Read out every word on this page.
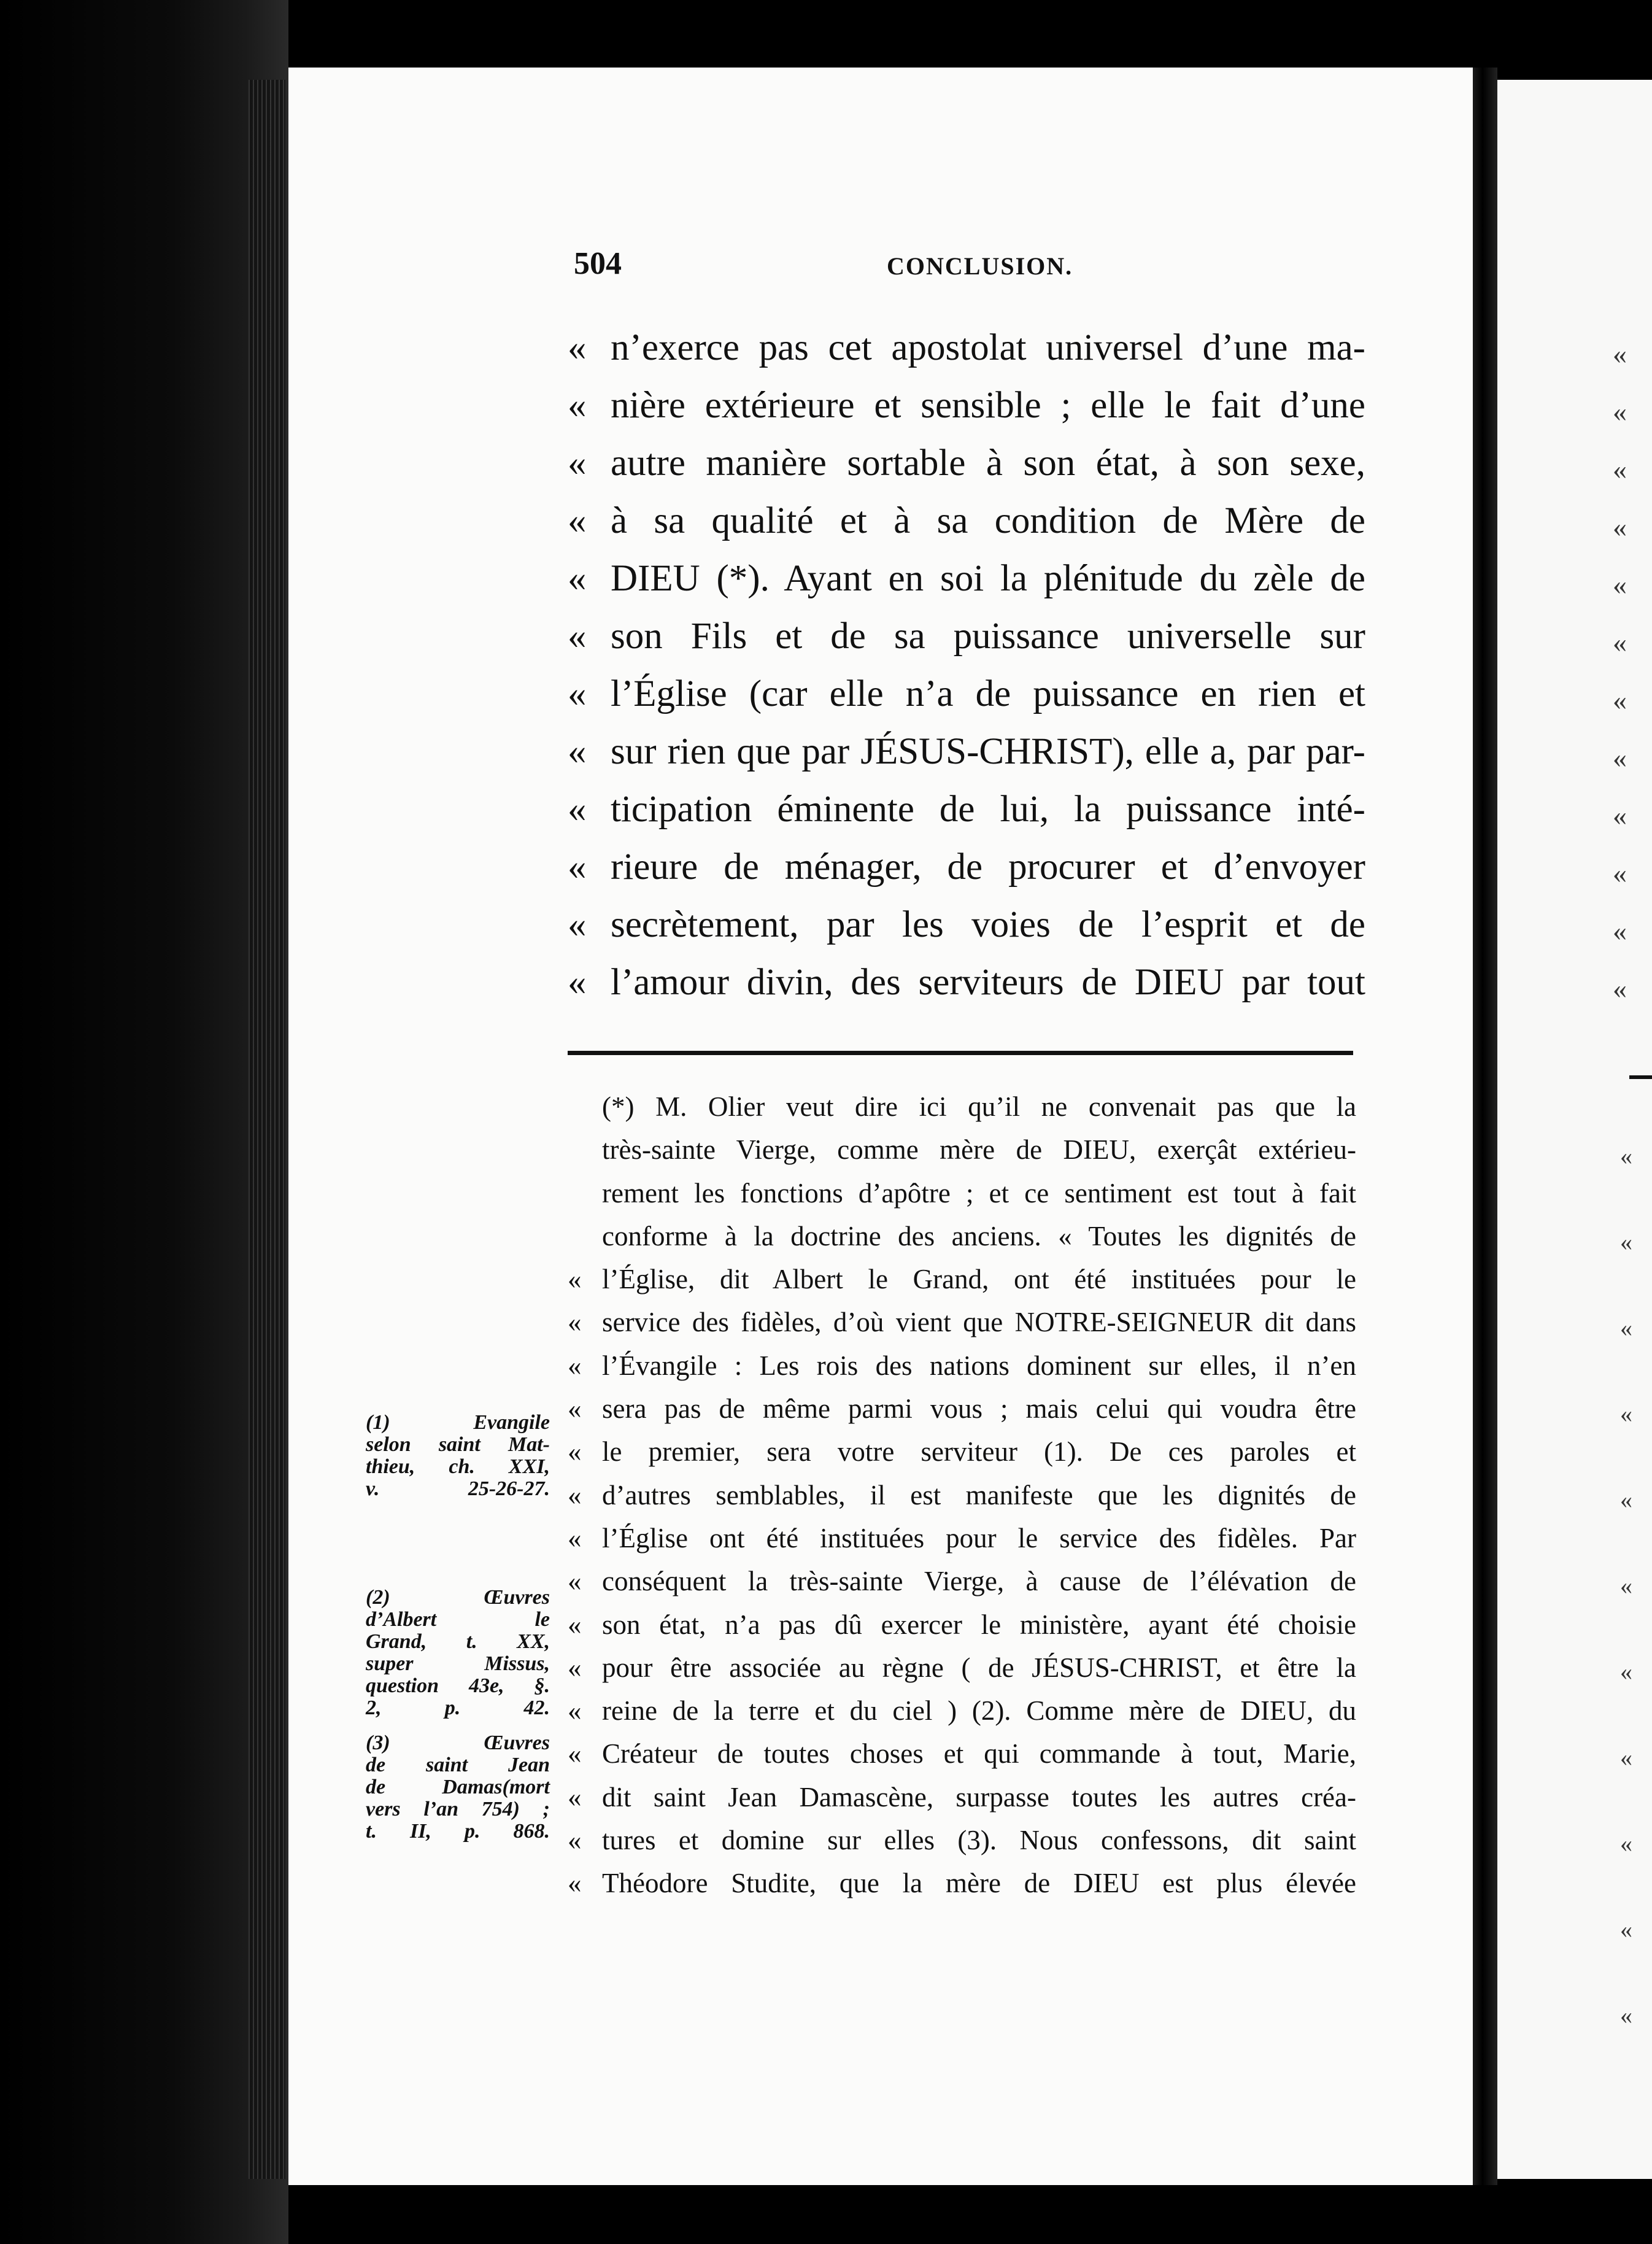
«
«
«
«
«
«
«
«
«
«
«
«
«
«
«
«
«
«
«
«
«
«
«
504	CONCLUSION.
« n’exerce pas cet apostolat universel d’une ma-
« nière extérieure et sensible ; elle le fait d’une
« autre manière sortable à son état, à son sexe,
« à sa qualité et à sa condition de Mère de
« DIEU (*). Ayant en soi la plénitude du zèle de
« son Fils et de sa puissance universelle sur
« l’Église (car elle n’a de puissance en rien et
« sur rien que par JÉSUS-CHRIST), elle a, par par-
« ticipation éminente de lui, la puissance inté-
« rieure de ménager, de procurer et d’envoyer
« secrètement, par les voies de l’esprit et de
« l’amour divin, des serviteurs de DIEU par tout
(*) M. Olier veut dire ici qu’il ne convenait pas que la
très-sainte Vierge, comme mère de DIEU, exerçât extérieu-
rement les fonctions d’apôtre ; et ce sentiment est tout à fait
conforme à la doctrine des anciens. « Toutes les dignités de
« l’Église, dit Albert le Grand, ont été instituées pour le
« service des fidèles, d’où vient que NOTRE-SEIGNEUR dit dans
« l’Évangile : Les rois des nations dominent sur elles, il n’en
« sera pas de même parmi vous ; mais celui qui voudra être
« le premier, sera votre serviteur (1). De ces paroles et
« d’autres semblables, il est manifeste que les dignités de
« l’Église ont été instituées pour le service des fidèles. Par
« conséquent la très-sainte Vierge, à cause de l’élévation de
« son état, n’a pas dû exercer le ministère, ayant été choisie
« pour être associée au règne ( de JÉSUS-CHRIST, et être la
« reine de la terre et du ciel ) (2). Comme mère de DIEU, du
« Créateur de toutes choses et qui commande à tout, Marie,
« dit saint Jean Damascène, surpasse toutes les autres créa-
« tures et domine sur elles (3). Nous confessons, dit saint
« Théodore Studite, que la mère de DIEU est plus élevée
(1) Evangile
selon saint Mat-
thieu, ch. XXI,
v. 25-26-27.
(2) Œuvres
d’Albert le
Grand, t. XX,
super Missus,
question 43e, §.
2, p. 42.
(3) Œuvres
de saint Jean
de Damas(mort
vers l’an 754) ;
t. II, p. 868.
